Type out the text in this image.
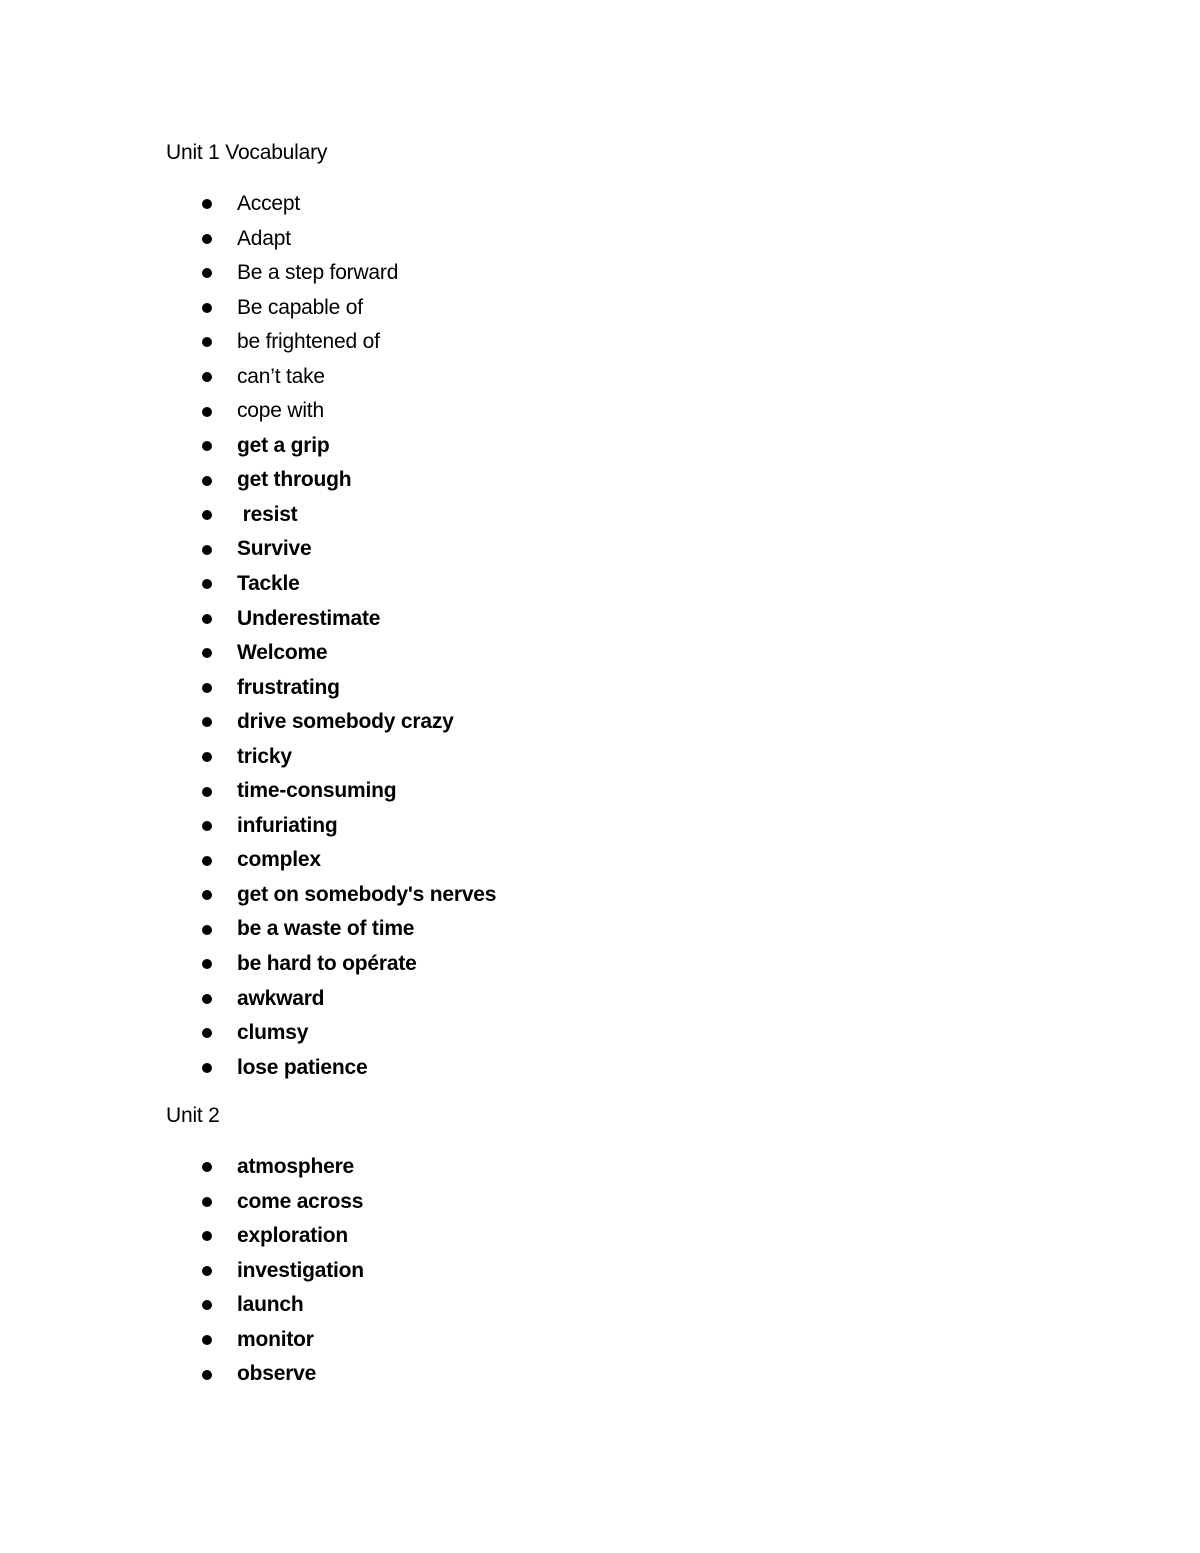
Unit 1 Vocabulary
Accept
Adapt
Be a step forward
Be capable of
be frightened of
can’t take
cope with
get a grip
get through
resist
Survive
Tackle
Underestimate
Welcome
frustrating
drive somebody crazy
tricky
time-consuming
infuriating
complex
get on somebody's nerves
be a waste of time
be hard to opérate
awkward
clumsy
lose patience
Unit 2
atmosphere
come across
exploration
investigation
launch
monitor
observe
